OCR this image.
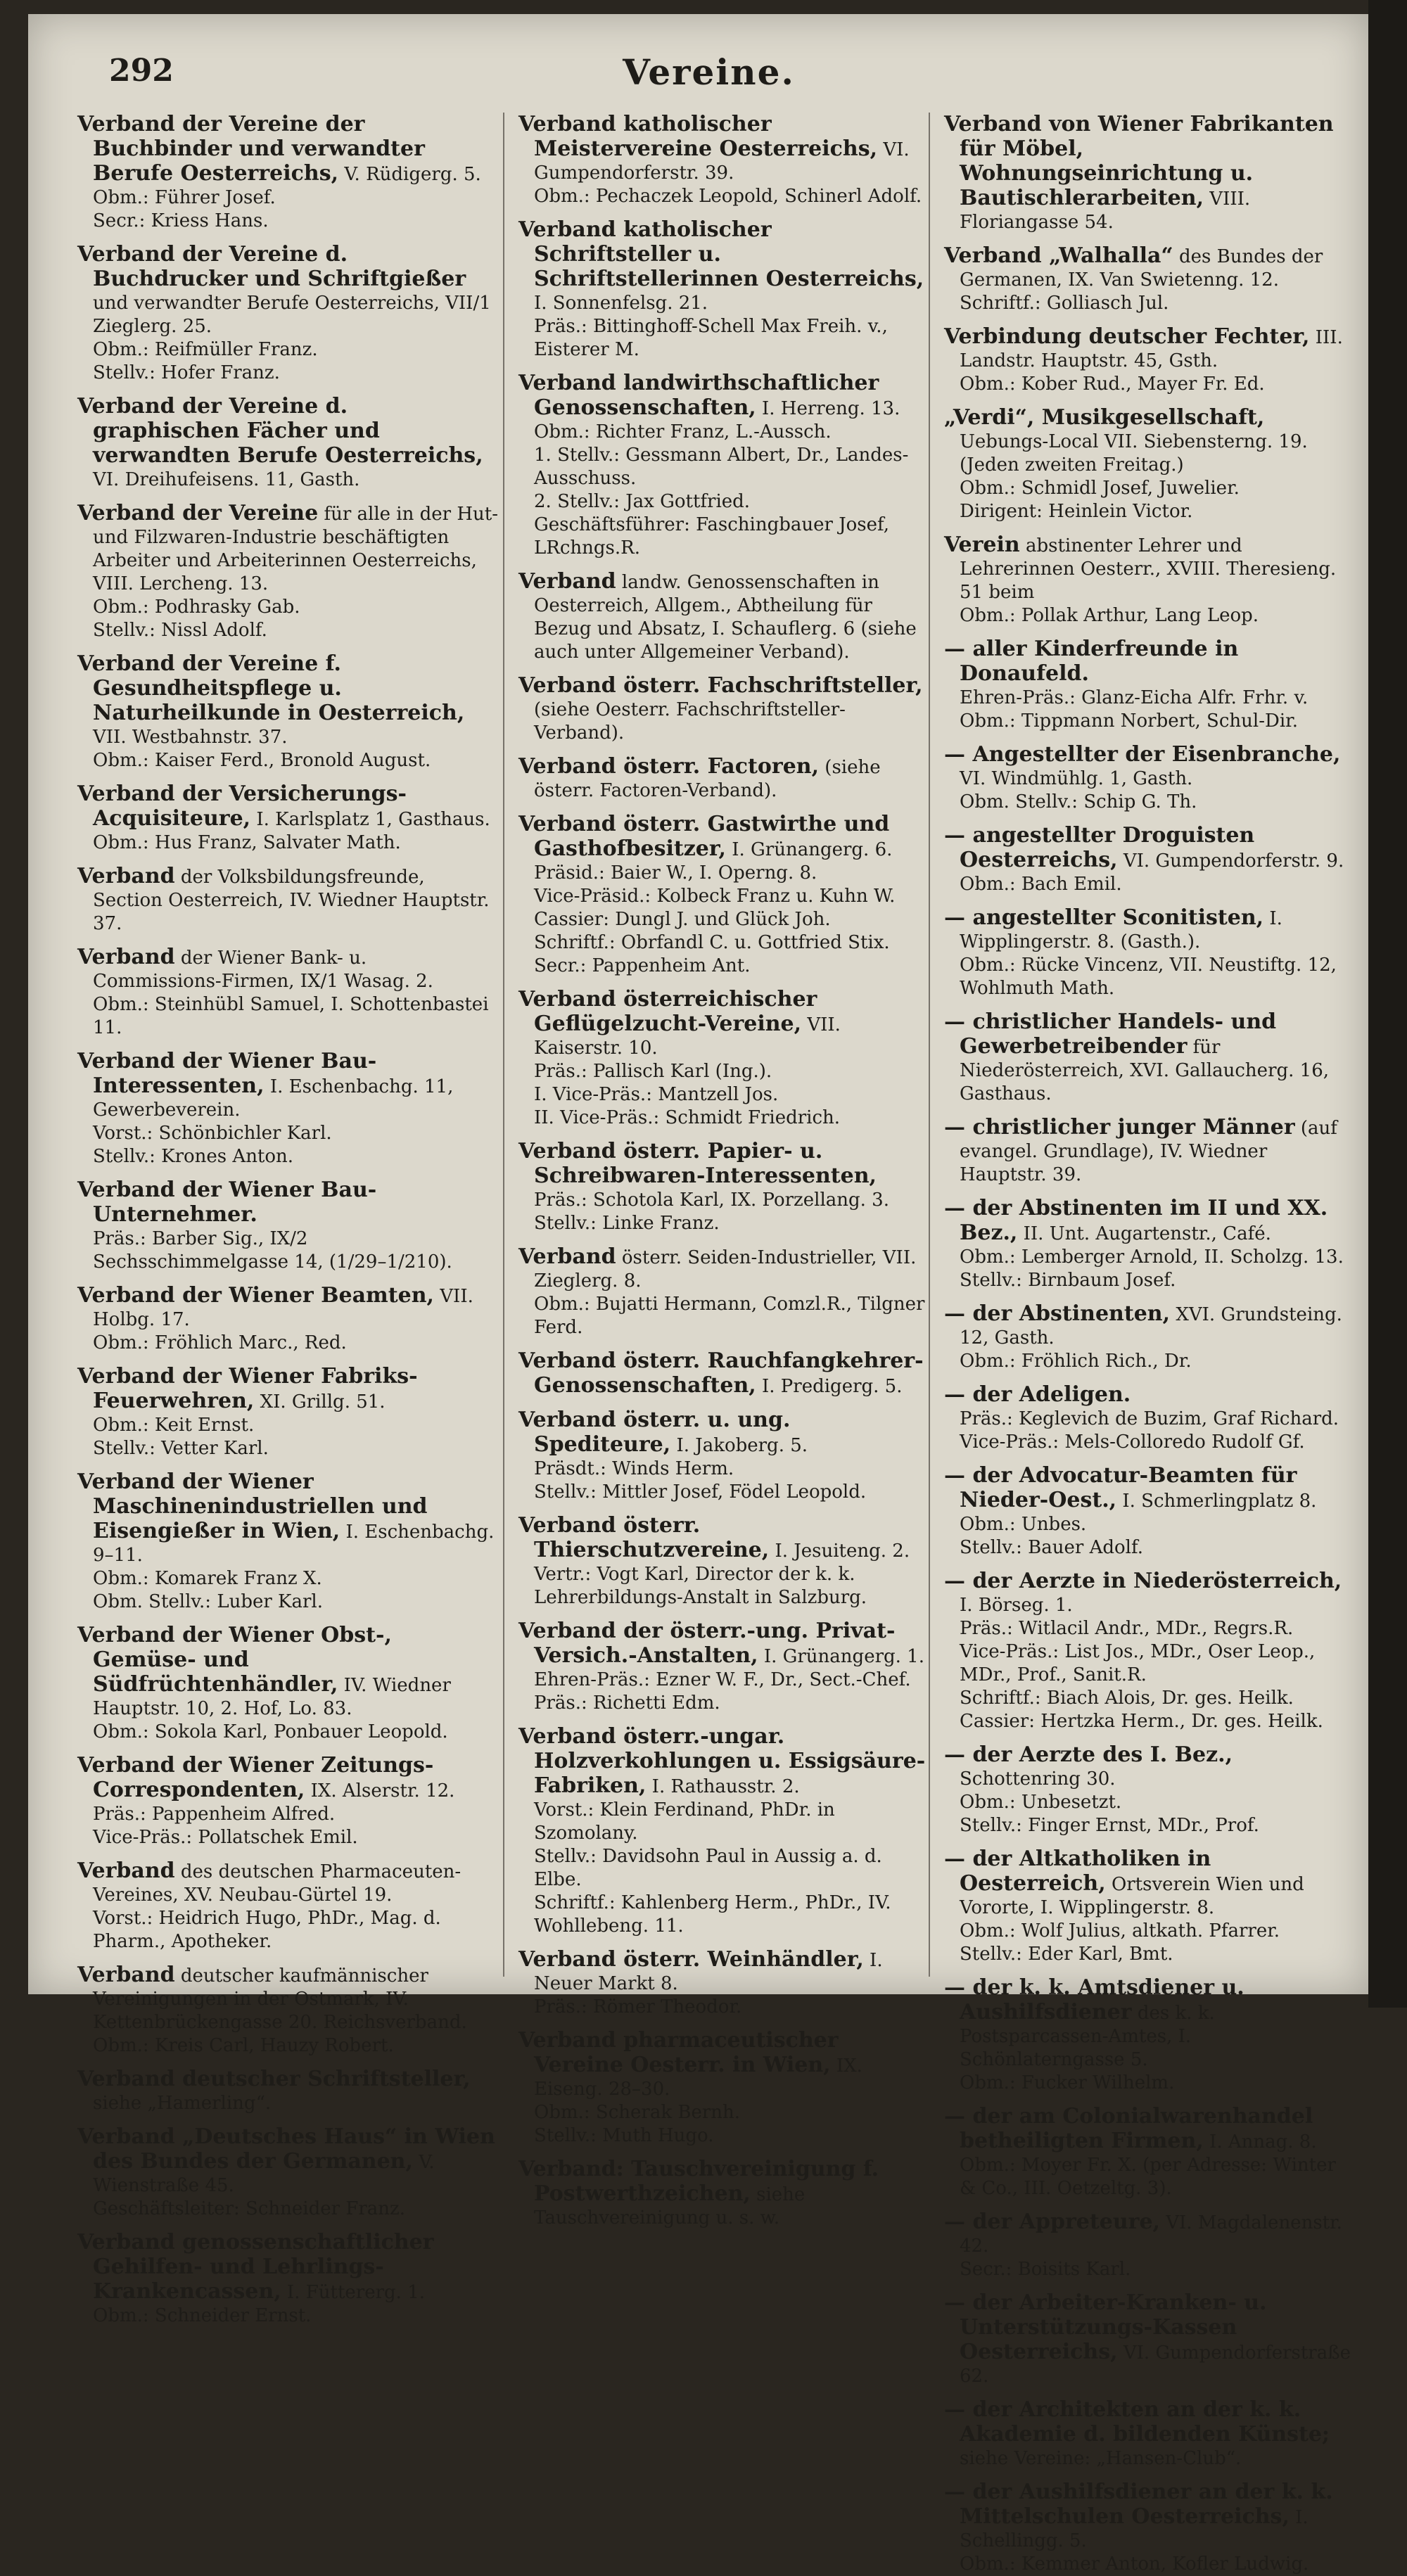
292	Vereine.
Verband der Vereine der Buchbinder und verwandter Berufe Oesterreichs, V. Rüdigerg. 5.
Obm.: Führer Josef.
Secr.: Kriess Hans.
Verband der Vereine d. Buchdrucker und Schriftgießer und verwandter Berufe Oesterreichs, VII/1 Zieglerg. 25.
Obm.: Reifmüller Franz.
Stellv.: Hofer Franz.
Verband der Vereine d. graphischen Fächer und verwandten Berufe Oesterreichs, VI. Dreihufeisens. 11, Gasth.
Verband der Vereine für alle in der Hut- und Filzwaren-Industrie beschäftigten Arbeiter und Arbeiterinnen Oesterreichs, VIII. Lercheng. 13.
Obm.: Podhrasky Gab.
Stellv.: Nissl Adolf.
Verband der Vereine f. Gesundheitspflege u. Naturheilkunde in Oesterreich, VII. Westbahnstr. 37.
Obm.: Kaiser Ferd., Bronold August.
Verband der Versicherungs-Acquisiteure, I. Karlsplatz 1, Gasthaus.
Obm.: Hus Franz, Salvater Math.
Verband der Volksbildungsfreunde, Section Oesterreich, IV. Wiedner Hauptstr. 37.
Verband der Wiener Bank- u. Commissions-Firmen, IX/1 Wasag. 2.
Obm.: Steinhübl Samuel, I. Schottenbastei 11.
Verband der Wiener Bau-Interessenten, I. Eschenbachg. 11, Gewerbeverein.
Vorst.: Schönbichler Karl.
Stellv.: Krones Anton.
Verband der Wiener Bau-Unternehmer.
Präs.: Barber Sig., IX/2 Sechsschimmelgasse 14, (1/29–1/210).
Verband der Wiener Beamten, VII. Holbg. 17.
Obm.: Fröhlich Marc., Red.
Verband der Wiener Fabriks-Feuerwehren, XI. Grillg. 51.
Obm.: Keit Ernst.
Stellv.: Vetter Karl.
Verband der Wiener Maschinenindustriellen und Eisengießer in Wien, I. Eschenbachg. 9–11.
Obm.: Komarek Franz X.
Obm. Stellv.: Luber Karl.
Verband der Wiener Obst-, Gemüse- und Südfrüchtenhändler, IV. Wiedner Hauptstr. 10, 2. Hof, Lo. 83.
Obm.: Sokola Karl, Ponbauer Leopold.
Verband der Wiener Zeitungs-Correspondenten, IX. Alserstr. 12.
Präs.: Pappenheim Alfred.
Vice-Präs.: Pollatschek Emil.
Verband des deutschen Pharmaceuten-Vereines, XV. Neubau-Gürtel 19.
Vorst.: Heidrich Hugo, PhDr., Mag. d. Pharm., Apotheker.
Verband deutscher kaufmännischer Vereinigungen in der Ostmark, IV. Kettenbrückengasse 20. Reichsverband.
Obm.: Kreis Carl, Hauzy Robert.
Verband deutscher Schriftsteller, siehe „Hamerling“.
Verband „Deutsches Haus“ in Wien des Bundes der Germanen, V. Wienstraße 45.
Geschäftsleiter: Schneider Franz.
Verband genossenschaftlicher Gehilfen- und Lehrlings-Krankencassen, I. Füttererg. 1.
Obm.: Schneider Ernst.
Verband katholischer Meistervereine Oesterreichs, VI. Gumpendorferstr. 39.
Obm.: Pechaczek Leopold, Schinerl Adolf.
Verband katholischer Schriftsteller u. Schriftstellerinnen Oesterreichs, I. Sonnenfelsg. 21.
Präs.: Bittinghoff-Schell Max Freih. v., Eisterer M.
Verband landwirthschaftlicher Genossenschaften, I. Herreng. 13.
Obm.: Richter Franz, L.-Aussch.
1. Stellv.: Gessmann Albert, Dr., Landes-Ausschuss.
2. Stellv.: Jax Gottfried.
Geschäftsführer: Faschingbauer Josef, LRchngs.R.
Verband landw. Genossenschaften in Oesterreich, Allgem., Abtheilung für Bezug und Absatz, I. Schauflerg. 6 (siehe auch unter Allgemeiner Verband).
Verband österr. Fachschriftsteller, (siehe Oesterr. Fachschriftsteller-Verband).
Verband österr. Factoren, (siehe österr. Factoren-Verband).
Verband österr. Gastwirthe und Gasthofbesitzer, I. Grünangerg. 6.
Präsid.: Baier W., I. Operng. 8.
Vice-Präsid.: Kolbeck Franz u. Kuhn W.
Cassier: Dungl J. und Glück Joh.
Schriftf.: Obrfandl C. u. Gottfried Stix.
Secr.: Pappenheim Ant.
Verband österreichischer Geflügelzucht-Vereine, VII. Kaiserstr. 10.
Präs.: Pallisch Karl (Ing.).
I. Vice-Präs.: Mantzell Jos.
II. Vice-Präs.: Schmidt Friedrich.
Verband österr. Papier- u. Schreibwaren-Interessenten,
Präs.: Schotola Karl, IX. Porzellang. 3.
Stellv.: Linke Franz.
Verband österr. Seiden-Industrieller, VII. Zieglerg. 8.
Obm.: Bujatti Hermann, Comzl.R., Tilgner Ferd.
Verband österr. Rauchfangkehrer-Genossenschaften, I. Predigerg. 5.
Verband österr. u. ung. Spediteure, I. Jakoberg. 5.
Präsdt.: Winds Herm.
Stellv.: Mittler Josef, Födel Leopold.
Verband österr. Thierschutzvereine, I. Jesuiteng. 2.
Vertr.: Vogt Karl, Director der k. k. Lehrerbildungs-Anstalt in Salzburg.
Verband der österr.-ung. Privat-Versich.-Anstalten, I. Grünangerg. 1.
Ehren-Präs.: Ezner W. F., Dr., Sect.-Chef.
Präs.: Richetti Edm.
Verband österr.-ungar. Holzverkohlungen u. Essigsäure-Fabriken, I. Rathausstr. 2.
Vorst.: Klein Ferdinand, PhDr. in Szomolany.
Stellv.: Davidsohn Paul in Aussig a. d. Elbe.
Schriftf.: Kahlenberg Herm., PhDr., IV. Wohllebeng. 11.
Verband österr. Weinhändler, I. Neuer Markt 8.
Präs.: Römer Theodor.
Verband pharmaceutischer Vereine Oesterr. in Wien, IX. Eiseng. 28–30.
Obm.: Scherak Bernh.
Stellv.: Muth Hugo.
Verband: Tauschvereinigung f. Postwerthzeichen, siehe Tauschvereinigung u. s. w.
Verband von Wiener Fabrikanten für Möbel, Wohnungseinrichtung u. Bautischlerarbeiten, VIII. Floriangasse 54.
Verband „Walhalla“ des Bundes der Germanen, IX. Van Swietenng. 12.
Schriftf.: Golliasch Jul.
Verbindung deutscher Fechter, III. Landstr. Hauptstr. 45, Gsth.
Obm.: Kober Rud., Mayer Fr. Ed.
„Verdi“, Musikgesellschaft, Uebungs-Local VII. Siebensterng. 19. (Jeden zweiten Freitag.)
Obm.: Schmidl Josef, Juwelier.
Dirigent: Heinlein Victor.
Verein abstinenter Lehrer und Lehrerinnen Oesterr., XVIII. Theresieng. 51 beim
Obm.: Pollak Arthur, Lang Leop.
— aller Kinderfreunde in Donaufeld.
Ehren-Präs.: Glanz-Eicha Alfr. Frhr. v.
Obm.: Tippmann Norbert, Schul-Dir.
— Angestellter der Eisenbranche, VI. Windmühlg. 1, Gasth.
Obm. Stellv.: Schip G. Th.
— angestellter Droguisten Oesterreichs, VI. Gumpendorferstr. 9.
Obm.: Bach Emil.
— angestellter Sconitisten, I. Wipplingerstr. 8. (Gasth.).
Obm.: Rücke Vincenz, VII. Neustiftg. 12, Wohlmuth Math.
— christlicher Handels- und Gewerbetreibender für Niederösterreich, XVI. Gallaucherg. 16, Gasthaus.
— christlicher junger Männer (auf evangel. Grundlage), IV. Wiedner Hauptstr. 39.
— der Abstinenten im II und XX. Bez., II. Unt. Augartenstr., Café.
Obm.: Lemberger Arnold, II. Scholzg. 13.
Stellv.: Birnbaum Josef.
— der Abstinenten, XVI. Grundsteing. 12, Gasth.
Obm.: Fröhlich Rich., Dr.
— der Adeligen.
Präs.: Keglevich de Buzim, Graf Richard.
Vice-Präs.: Mels-Colloredo Rudolf Gf.
— der Advocatur-Beamten für Nieder-Oest., I. Schmerlingplatz 8.
Obm.: Unbes.
Stellv.: Bauer Adolf.
— der Aerzte in Niederösterreich, I. Börseg. 1.
Präs.: Witlacil Andr., MDr., Regrs.R.
Vice-Präs.: List Jos., MDr., Oser Leop., MDr., Prof., Sanit.R.
Schriftf.: Biach Alois, Dr. ges. Heilk.
Cassier: Hertzka Herm., Dr. ges. Heilk.
— der Aerzte des I. Bez., Schottenring 30.
Obm.: Unbesetzt.
Stellv.: Finger Ernst, MDr., Prof.
— der Altkatholiken in Oesterreich, Ortsverein Wien und Vororte, I. Wipplingerstr. 8.
Obm.: Wolf Julius, altkath. Pfarrer.
Stellv.: Eder Karl, Bmt.
— der k. k. Amtsdiener u. Aushilfsdiener des k. k. Postsparcassen-Amtes, I. Schönlaterngasse 5.
Obm.: Fucker Wilhelm.
— der am Colonialwarenhandel betheiligten Firmen, I. Annag. 8.
Obm.: Moyer Fr. X. (per Adresse: Winter & Co., III. Oetzeltg. 3).
— der Appreteure, VI. Magdalenenstr. 42.
Secr.: Boisits Karl.
— der Arbeiter-Kranken- u. Unterstützungs-Kassen Oesterreichs, VI. Gumpendorferstraße 62.
— der Architekten an der k. k. Akademie d. bildenden Künste; siehe Vereine: „Hansen-Club“.
— der Aushilfsdiener an der k. k. Mittelschulen Oesterreichs, I. Schellingg. 5.
Obm.: Kemmer Anton, Kofler Ludwig.
